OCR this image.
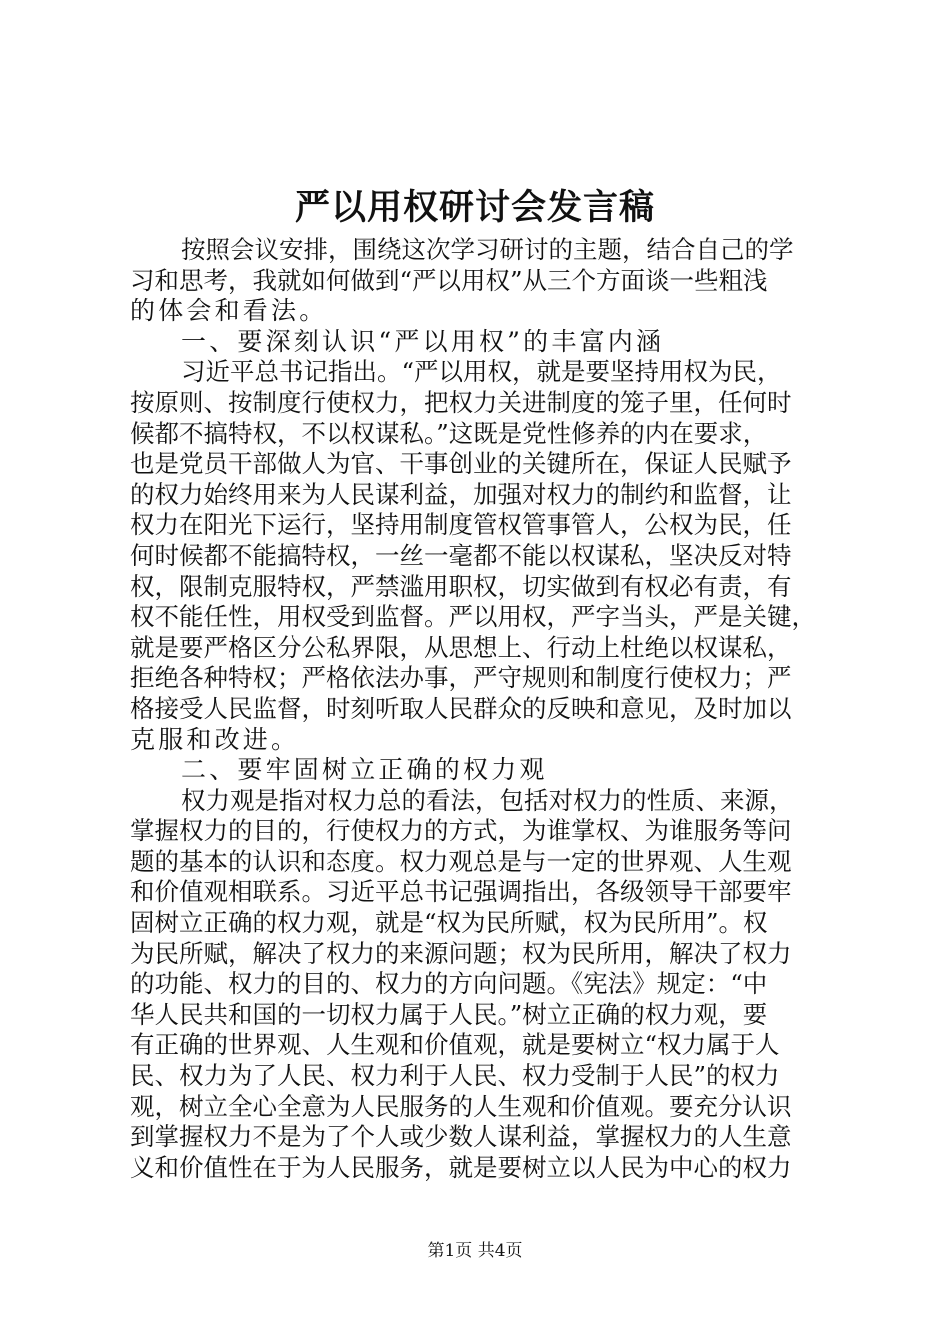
严以用权研讨会发言稿
按照会议安排，围绕这次学习研讨的主题，结合自己的学
习和思考，我就如何做到“严以用权”从三个方面谈一些粗浅
的体会和看法。
一、要深刻认识“严以用权”的丰富内涵
习近平总书记指出。“严以用权，就是要坚持用权为民，
按原则、按制度行使权力，把权力关进制度的笼子里，任何时
候都不搞特权，不以权谋私。”这既是党性修养的内在要求，
也是党员干部做人为官、干事创业的关键所在，保证人民赋予
的权力始终用来为人民谋利益，加强对权力的制约和监督，让
权力在阳光下运行，坚持用制度管权管事管人，公权为民，任
何时候都不能搞特权，一丝一毫都不能以权谋私，坚决反对特
权，限制克服特权，严禁滥用职权，切实做到有权必有责，有
权不能任性，用权受到监督。严以用权，严字当头，严是关键，
就是要严格区分公私界限，从思想上、行动上杜绝以权谋私，
拒绝各种特权；严格依法办事，严守规则和制度行使权力；严
格接受人民监督，时刻听取人民群众的反映和意见，及时加以
克服和改进。
二、要牢固树立正确的权力观
权力观是指对权力总的看法，包括对权力的性质、来源，
掌握权力的目的，行使权力的方式，为谁掌权、为谁服务等问
题的基本的认识和态度。权力观总是与一定的世界观、人生观
和价值观相联系。习近平总书记强调指出，各级领导干部要牢
固树立正确的权力观，就是“权为民所赋，权为民所用”。权
为民所赋，解决了权力的来源问题；权为民所用，解决了权力
的功能、权力的目的、权力的方向问题。《宪法》规定：“中
华人民共和国的一切权力属于人民。”树立正确的权力观，要
有正确的世界观、人生观和价值观，就是要树立“权力属于人
民、权力为了人民、权力利于人民、权力受制于人民”的权力
观，树立全心全意为人民服务的人生观和价值观。要充分认识
到掌握权力不是为了个人或少数人谋利益，掌握权力的人生意
义和价值性在于为人民服务，就是要树立以人民为中心的权力
第1页 共4页
